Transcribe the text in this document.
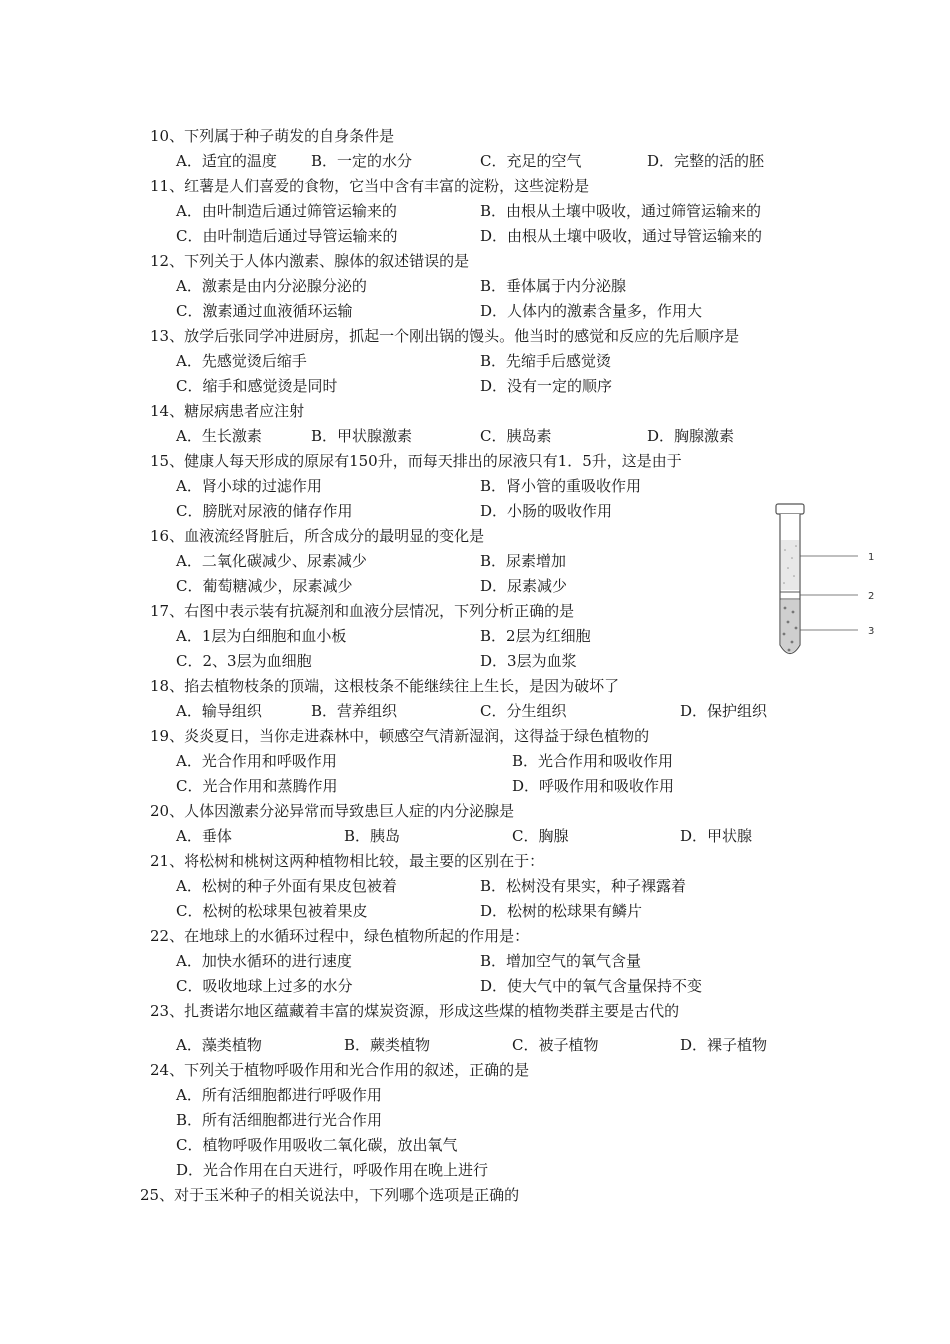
10、下列属于种子萌发的自身条件是
A．适宜的温度 B．一定的水分	C．充足的空气	D．完整的活的胚
11、红薯是人们喜爱的食物，它当中含有丰富的淀粉，这些淀粉是
A．由叶制造后通过筛管运输来的	B．由根从土壤中吸收，通过筛管运输来的
C．由叶制造后通过导管运输来的	D．由根从土壤中吸收，通过导管运输来的
12、下列关于人体内激素、腺体的叙述错误的是
A．激素是由内分泌腺分泌的	B．垂体属于内分泌腺
C．激素通过血液循环运输	D．人体内的激素含量多，作用大
13、放学后张同学冲进厨房，抓起一个刚出锅的馒头。他当时的感觉和反应的先后顺序是
A．先感觉烫后缩手	B．先缩手后感觉烫
C．缩手和感觉烫是同时	D．没有一定的顺序
14、糖尿病患者应注射
A．生长激素	B．甲状腺激素	C．胰岛素	D．胸腺激素
15、健康人每天形成的原尿有150升，而每天排出的尿液只有1．5升，这是由于
A．肾小球的过滤作用	B．肾小管的重吸收作用
C．膀胱对尿液的储存作用	D．小肠的吸收作用
16、血液流经肾脏后，所含成分的最明显的变化是
A．二氧化碳减少、尿素减少	B．尿素增加
C．葡萄糖减少，尿素减少	D．尿素减少
17、右图中表示装有抗凝剂和血液分层情况，下列分析正确的是
A．1层为白细胞和血小板	B．2层为红细胞
C．2、3层为血细胞	D．3层为血浆
18、掐去植物枝条的顶端，这根枝条不能继续往上生长，是因为破坏了
A．输导组织	B．营养组织	C．分生组织	D．保护组织
19、炎炎夏日，当你走进森林中，顿感空气清新湿润，这得益于绿色植物的
A．光合作用和呼吸作用	B．光合作用和吸收作用
C．光合作用和蒸腾作用	D．呼吸作用和吸收作用
20、人体因激素分泌异常而导致患巨人症的内分泌腺是
A．垂体	B．胰岛	C．胸腺	D．甲状腺
21、将松树和桃树这两种植物相比较，最主要的区别在于：
A．松树的种子外面有果皮包被着	B．松树没有果实，种子裸露着
C．松树的松球果包被着果皮	D．松树的松球果有鳞片
22、在地球上的水循环过程中，绿色植物所起的作用是：
A．加快水循环的进行速度	B．增加空气的氧气含量
C．吸收地球上过多的水分	D．使大气中的氧气含量保持不变
23、扎赉诺尔地区蕴藏着丰富的煤炭资源，形成这些煤的植物类群主要是古代的
A．藻类植物	B．蕨类植物	C．被子植物	D．裸子植物
24、下列关于植物呼吸作用和光合作用的叙述，正确的是
A．所有活细胞都进行呼吸作用
B．所有活细胞都进行光合作用
C．植物呼吸作用吸收二氧化碳，放出氧气
D．光合作用在白天进行，呼吸作用在晚上进行
25、对于玉米种子的相关说法中，下列哪个选项是正确的
1
2
3
